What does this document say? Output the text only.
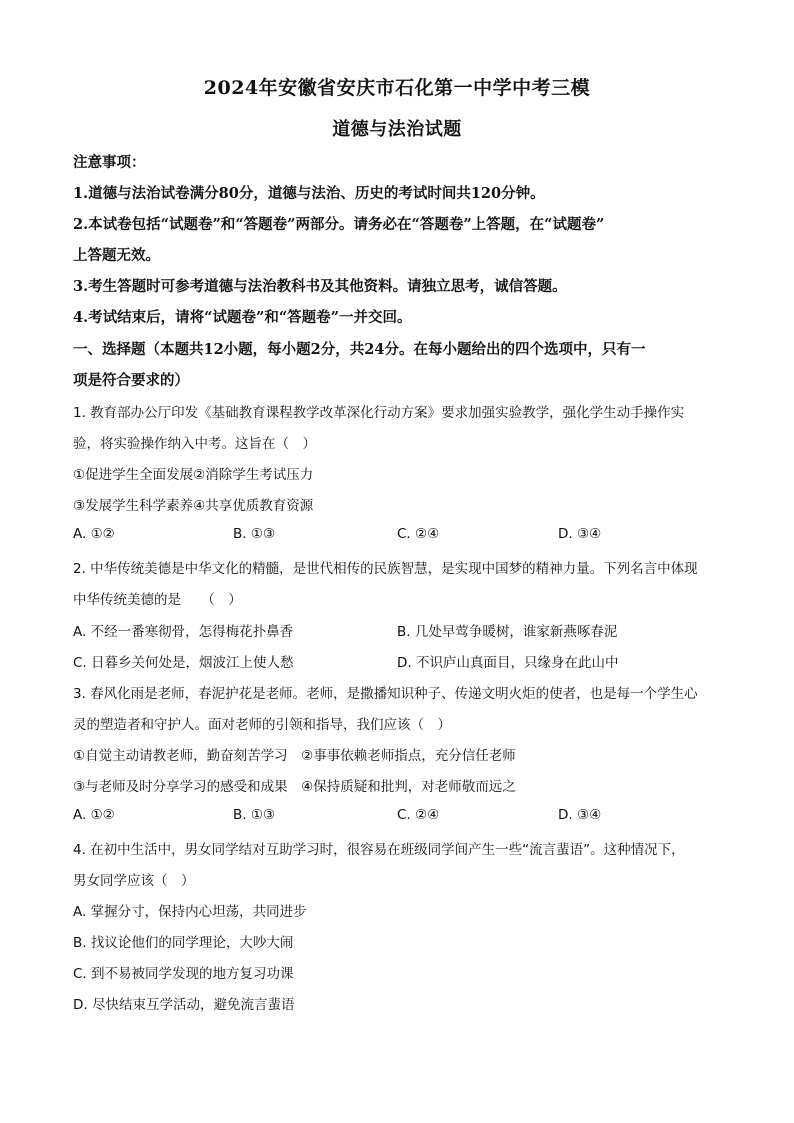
2024年安徽省安庆市石化第一中学中考三模
道德与法治试题
注意事项：
1.道德与法治试卷满分80分，道德与法治、历史的考试时间共120分钟。
2.本试卷包括“试题卷”和“答题卷”两部分。请务必在“答题卷”上答题，在“试题卷”
上答题无效。
3.考生答题时可参考道德与法治教科书及其他资料。请独立思考，诚信答题。
4.考试结束后，请将“试题卷”和“答题卷”一并交回。
一、选择题（本题共12小题，每小题2分，共24分。在每小题给出的四个选项中，只有一
项是符合要求的）
1. 教育部办公厅印发《基础教育课程教学改革深化行动方案》要求加强实验教学，强化学生动手操作实
验，将实验操作纳入中考。这旨在（　）
①促进学生全面发展②消除学生考试压力
③发展学生科学素养④共享优质教育资源
A. ①②	B. ①③	C. ②④	D. ③④
2. 中华传统美德是中华文化的精髓，是世代相传的民族智慧，是实现中国梦的精神力量。下列名言中体现
中华传统美德的是　　（　）
A. 不经一番寒彻骨，怎得梅花扑鼻香	B. 几处早莺争暖树，谁家新燕啄春泥
C. 日暮乡关何处是，烟波江上使人愁	D. 不识庐山真面目，只缘身在此山中
3. 春风化雨是老师，春泥护花是老师。老师，是撒播知识种子、传递文明火炬的使者，也是每一个学生心
灵的塑造者和守护人。面对老师的引领和指导，我们应该（　）
①自觉主动请教老师，勤奋刻苦学习　②事事依赖老师指点，充分信任老师
③与老师及时分享学习的感受和成果　④保持质疑和批判，对老师敬而远之
A. ①②	B. ①③	C. ②④	D. ③④
4. 在初中生活中，男女同学结对互助学习时，很容易在班级同学间产生一些“流言蜚语”。这种情况下，
男女同学应该（　）
A. 掌握分寸，保持内心坦荡，共同进步
B. 找议论他们的同学理论，大吵大闹
C. 到不易被同学发现的地方复习功课
D. 尽快结束互学活动，避免流言蜚语
